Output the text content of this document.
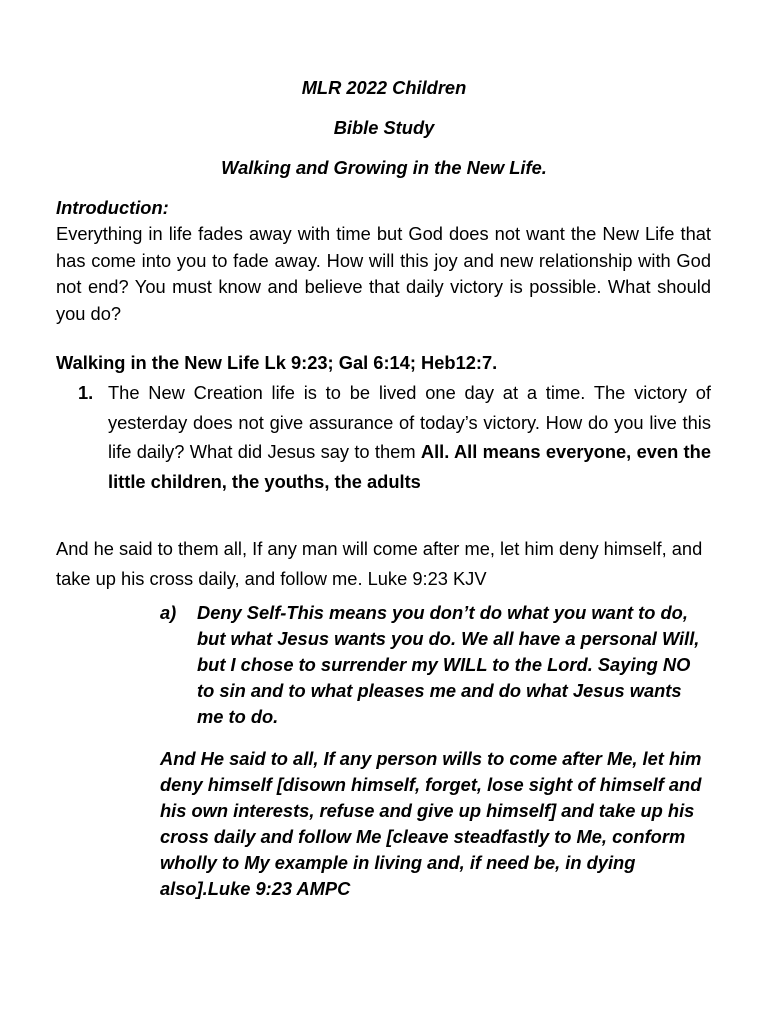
MLR 2022 Children

Bible Study

Walking and Growing in the New Life.

Introduction:

Everything in life fades away with time but God does not want the New Life that has come into you to fade away. How will this joy and new relationship with God not end? You must know and believe that daily victory is possible. What should you do?

Walking in the New Life Lk 9:23; Gal 6:14; Heb12:7.

1. The New Creation life is to be lived one day at a time. The victory of yesterday does not give assurance of today’s victory. How do you live this life daily? What did Jesus say to them All. All means everyone, even the little children, the youths, the adults

And he said to them all, If any man will come after me, let him deny himself, and take up his cross daily, and follow me. Luke 9:23 KJV

a) Deny Self-This means you don’t do what you want to do, but what Jesus wants you do. We all have a personal Will, but I chose to surrender my WILL to the Lord. Saying NO to sin and to what pleases me and do what Jesus wants me to do.

And He said to all, If any person wills to come after Me, let him deny himself [disown himself, forget, lose sight of himself and his own interests, refuse and give up himself] and take up his cross daily and follow Me [cleave steadfastly to Me, conform wholly to My example in living and, if need be, in dying also].Luke 9:23 AMPC
